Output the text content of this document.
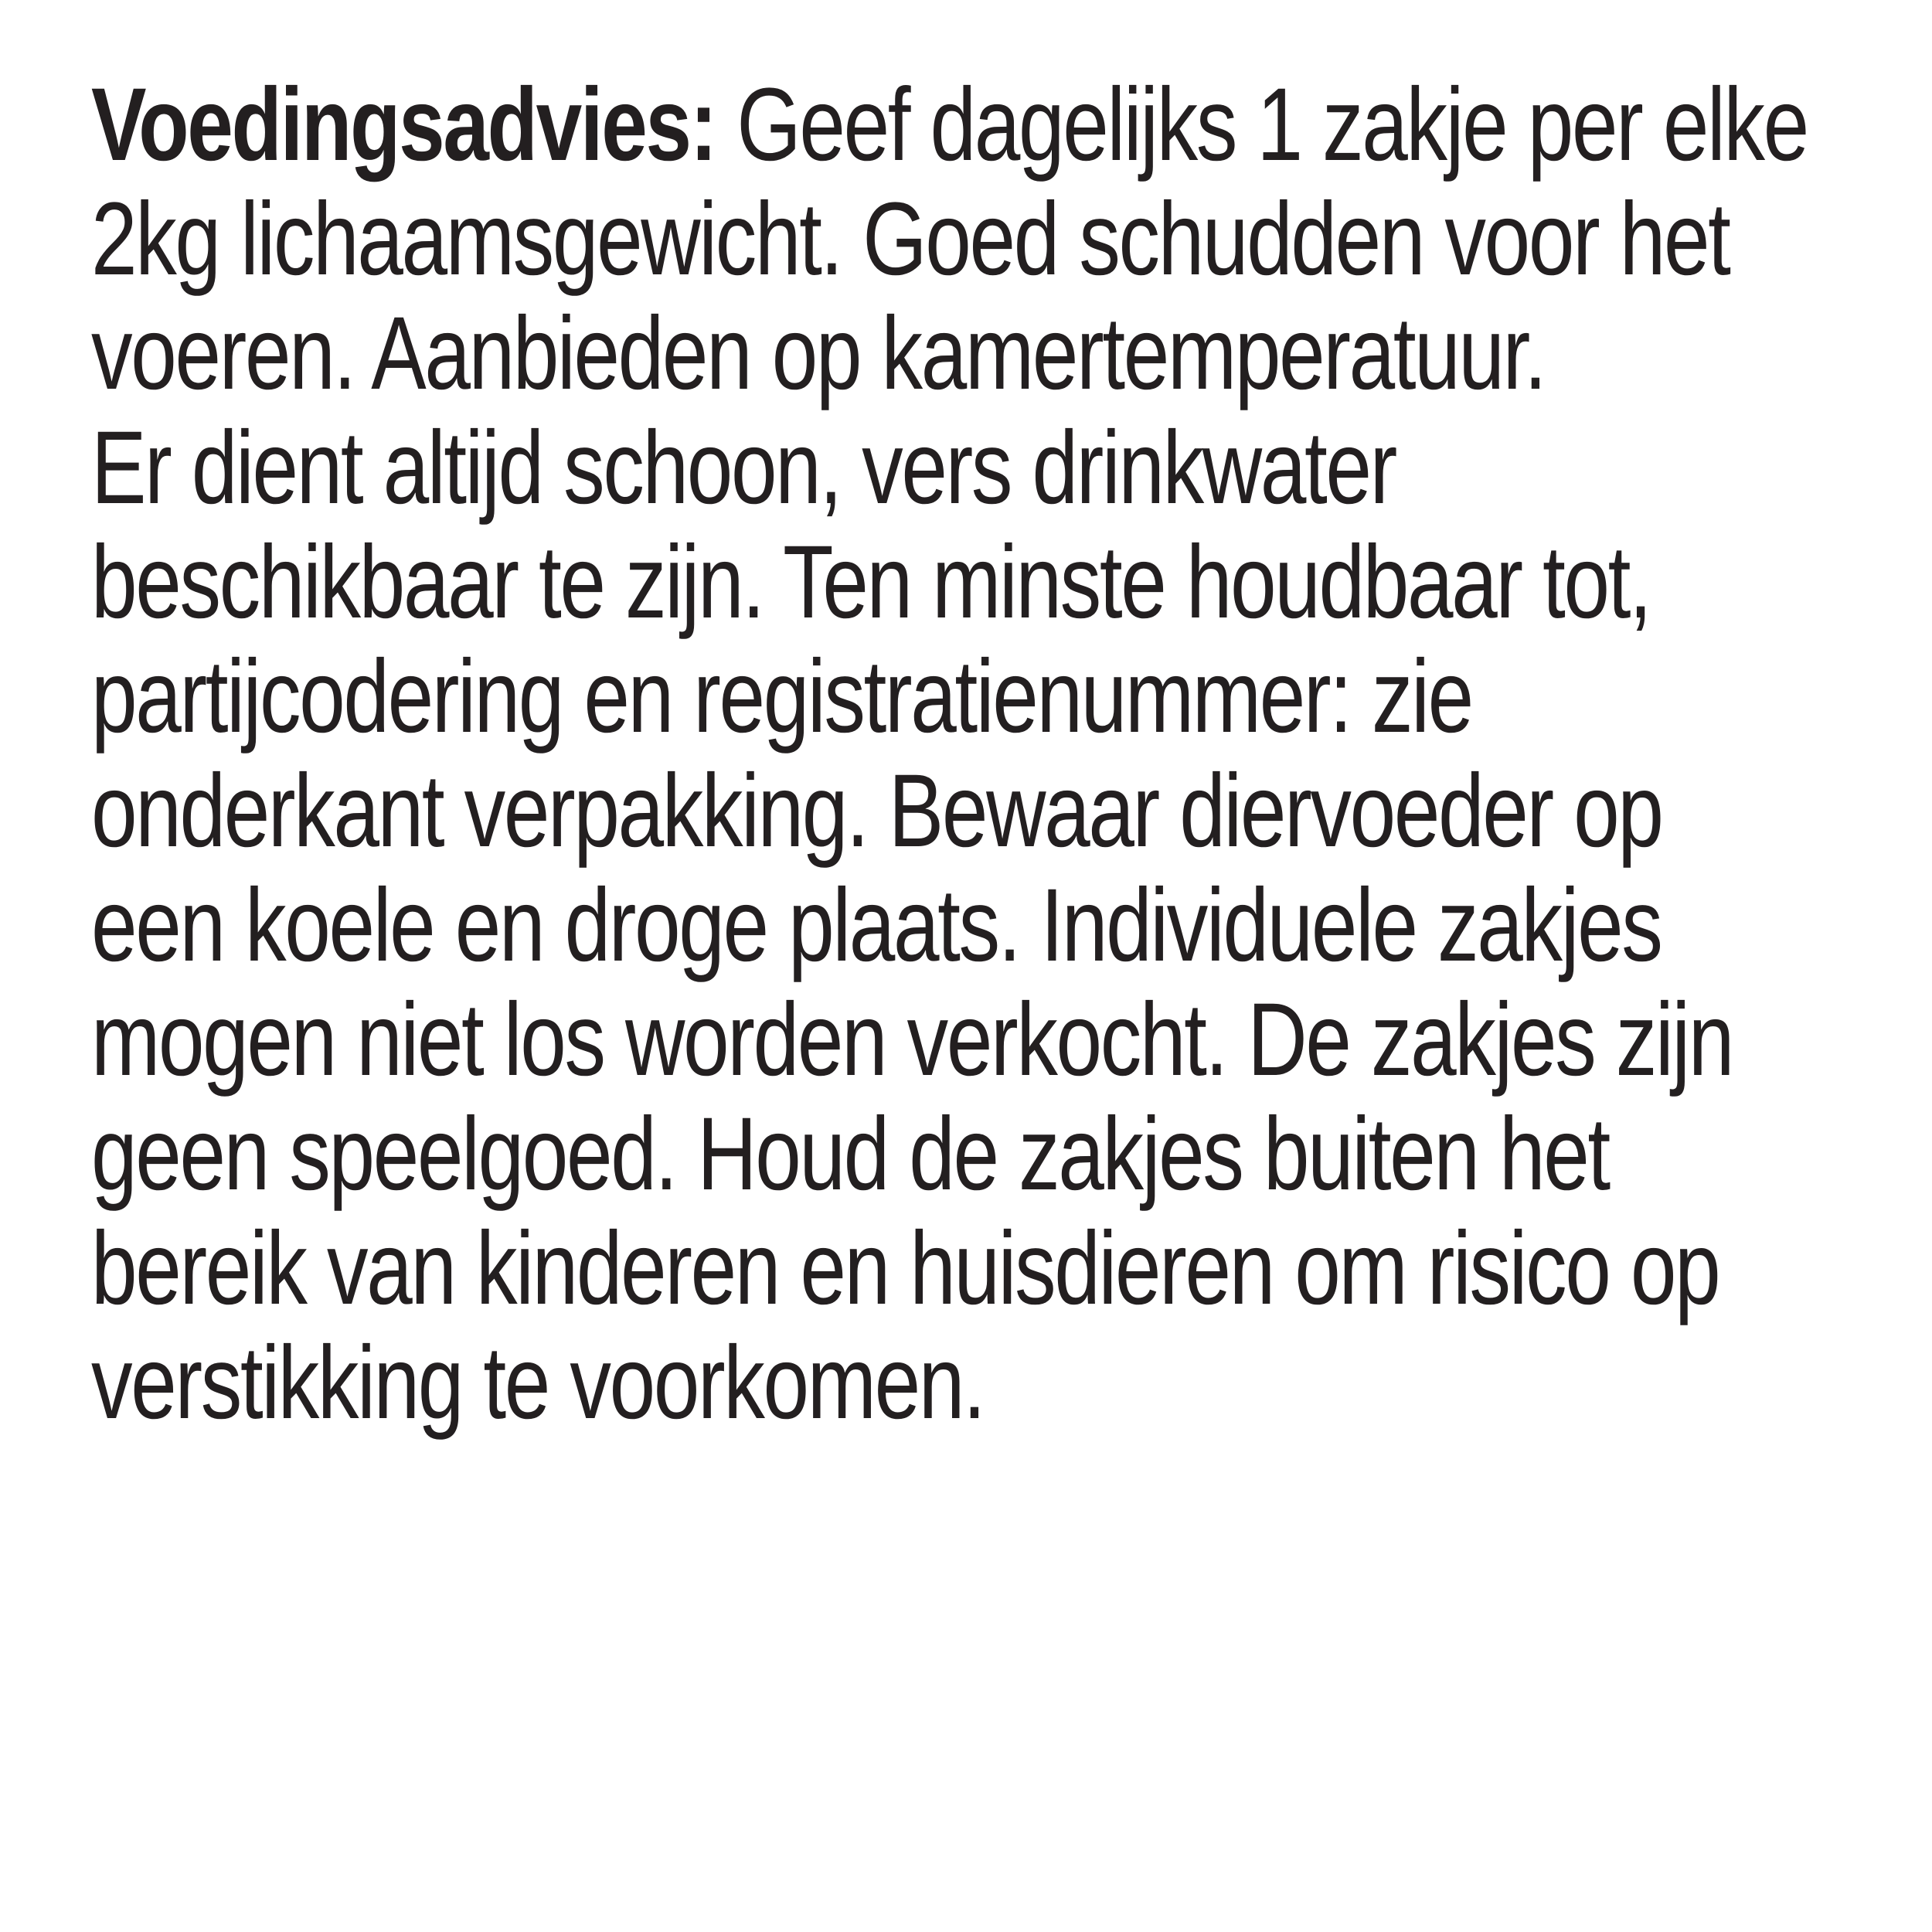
Voedingsadvies: Geef dagelijks 1 zakje per elke
2kg lichaamsgewicht. Goed schudden voor het
voeren. Aanbieden op kamertemperatuur.
Er dient altijd schoon, vers drinkwater
beschikbaar te zijn. Ten minste houdbaar tot,
partijcodering en registratienummer: zie
onderkant verpakking. Bewaar diervoeder op
een koele en droge plaats. Individuele zakjes
mogen niet los worden verkocht. De zakjes zijn
geen speelgoed. Houd de zakjes buiten het
bereik van kinderen en huisdieren om risico op
verstikking te voorkomen.
